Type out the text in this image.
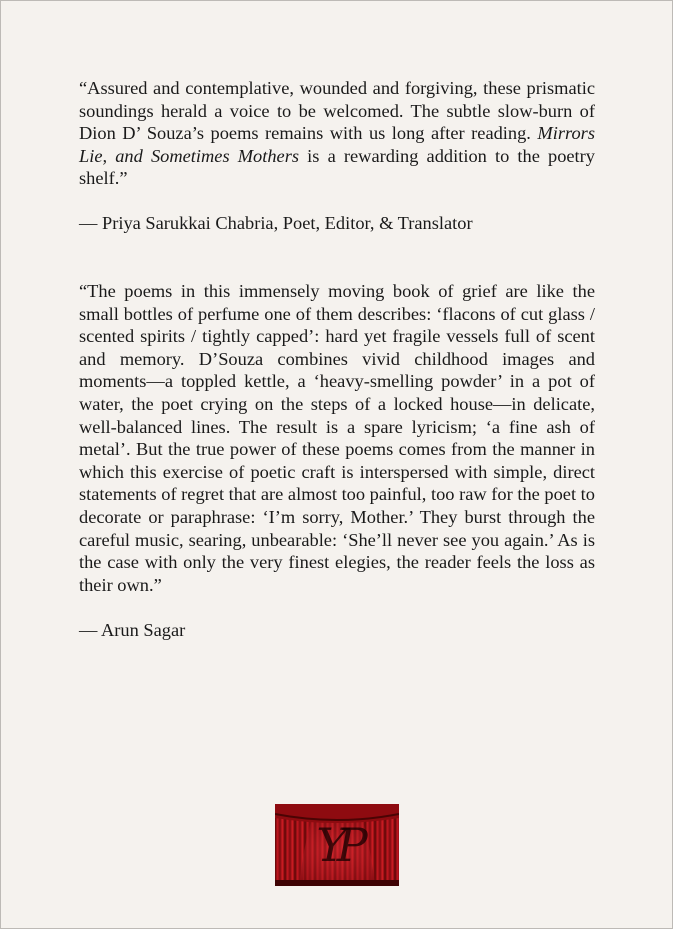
“Assured and contemplative, wounded and forgiving, these prismatic soundings herald a voice to be welcomed. The subtle slow-burn of Dion D’ Souza’s poems remains with us long after reading. Mirrors Lie, and Sometimes Mothers is a rewarding addition to the poetry shelf.”

— Priya Sarukkai Chabria, Poet, Editor, & Translator

“The poems in this immensely moving book of grief are like the small bottles of perfume one of them describes: ‘flacons of cut glass / scented spirits / tightly capped’: hard yet fragile vessels full of scent and memory. D’Souza combines vivid childhood images and moments—a toppled kettle, a ‘heavy-smelling powder’ in a pot of water, the poet crying on the steps of a locked house—in delicate, well-balanced lines. The result is a spare lyricism; ‘a fine ash of metal’. But the true power of these poems comes from the manner in which this exercise of poetic craft is interspersed with simple, direct statements of regret that are almost too painful, too raw for the poet to decorate or paraphrase: ‘I’m sorry, Mother.’ They burst through the careful music, searing, unbearable: ‘She’ll never see you again.’ As is the case with only the very finest elegies, the reader feels the loss as their own.”

— Arun Sagar

YP
